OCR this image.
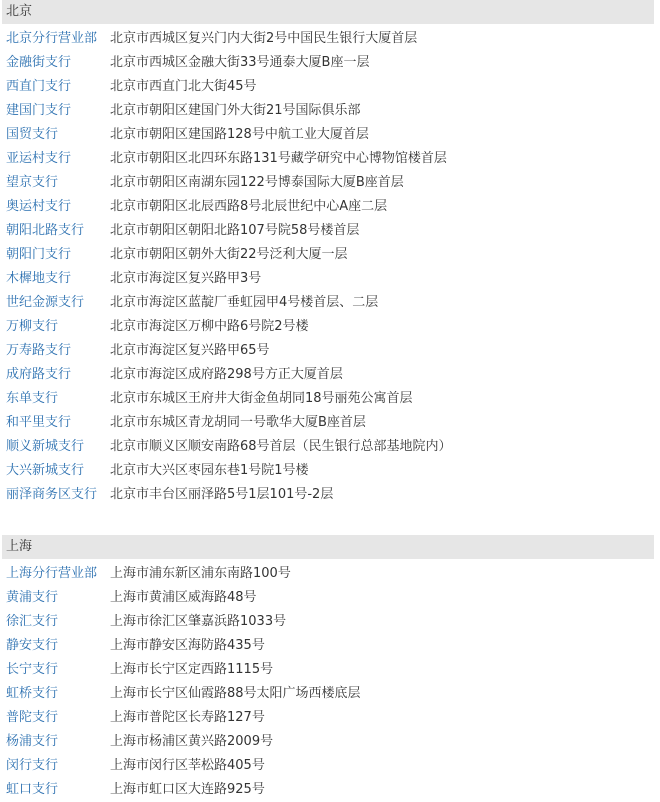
北京
北京分行营业部 北京市西城区复兴门内大街2号中国民生银行大厦首层
金融街支行	北京市西城区金融大街33号通泰大厦B座一层
西直门支行	北京市西直门北大街45号
建国门支行	北京市朝阳区建国门外大街21号国际俱乐部
国贸支行	北京市朝阳区建国路128号中航工业大厦首层
亚运村支行	北京市朝阳区北四环东路131号藏学研究中心博物馆楼首层
望京支行	北京市朝阳区南湖东园122号博泰国际大厦B座首层
奥运村支行	北京市朝阳区北辰西路8号北辰世纪中心A座二层
朝阳北路支行	北京市朝阳区朝阳北路107号院58号楼首层
朝阳门支行	北京市朝阳区朝外大街22号泛利大厦一层
木樨地支行	北京市海淀区复兴路甲3号
世纪金源支行	北京市海淀区蓝靛厂垂虹园甲4号楼首层、二层
万柳支行	北京市海淀区万柳中路6号院2号楼
万寿路支行	北京市海淀区复兴路甲65号
成府路支行	北京市海淀区成府路298号方正大厦首层
东单支行	北京市东城区王府井大街金鱼胡同18号丽苑公寓首层
和平里支行	北京市东城区青龙胡同一号歌华大厦B座首层
顺义新城支行	北京市顺义区顺安南路68号首层（民生银行总部基地院内）
大兴新城支行	北京市大兴区枣园东巷1号院1号楼
丽泽商务区支行 北京市丰台区丽泽路5号1层101号-2层
上海
上海分行营业部 上海市浦东新区浦东南路100号
黄浦支行	上海市黄浦区威海路48号
徐汇支行	上海市徐汇区肇嘉浜路1033号
静安支行	上海市静安区海防路435号
长宁支行	上海市长宁区定西路1115号
虹桥支行	上海市长宁区仙霞路88号太阳广场西楼底层
普陀支行	上海市普陀区长寿路127号
杨浦支行	上海市杨浦区黄兴路2009号
闵行支行	上海市闵行区莘松路405号
虹口支行	上海市虹口区大连路925号
